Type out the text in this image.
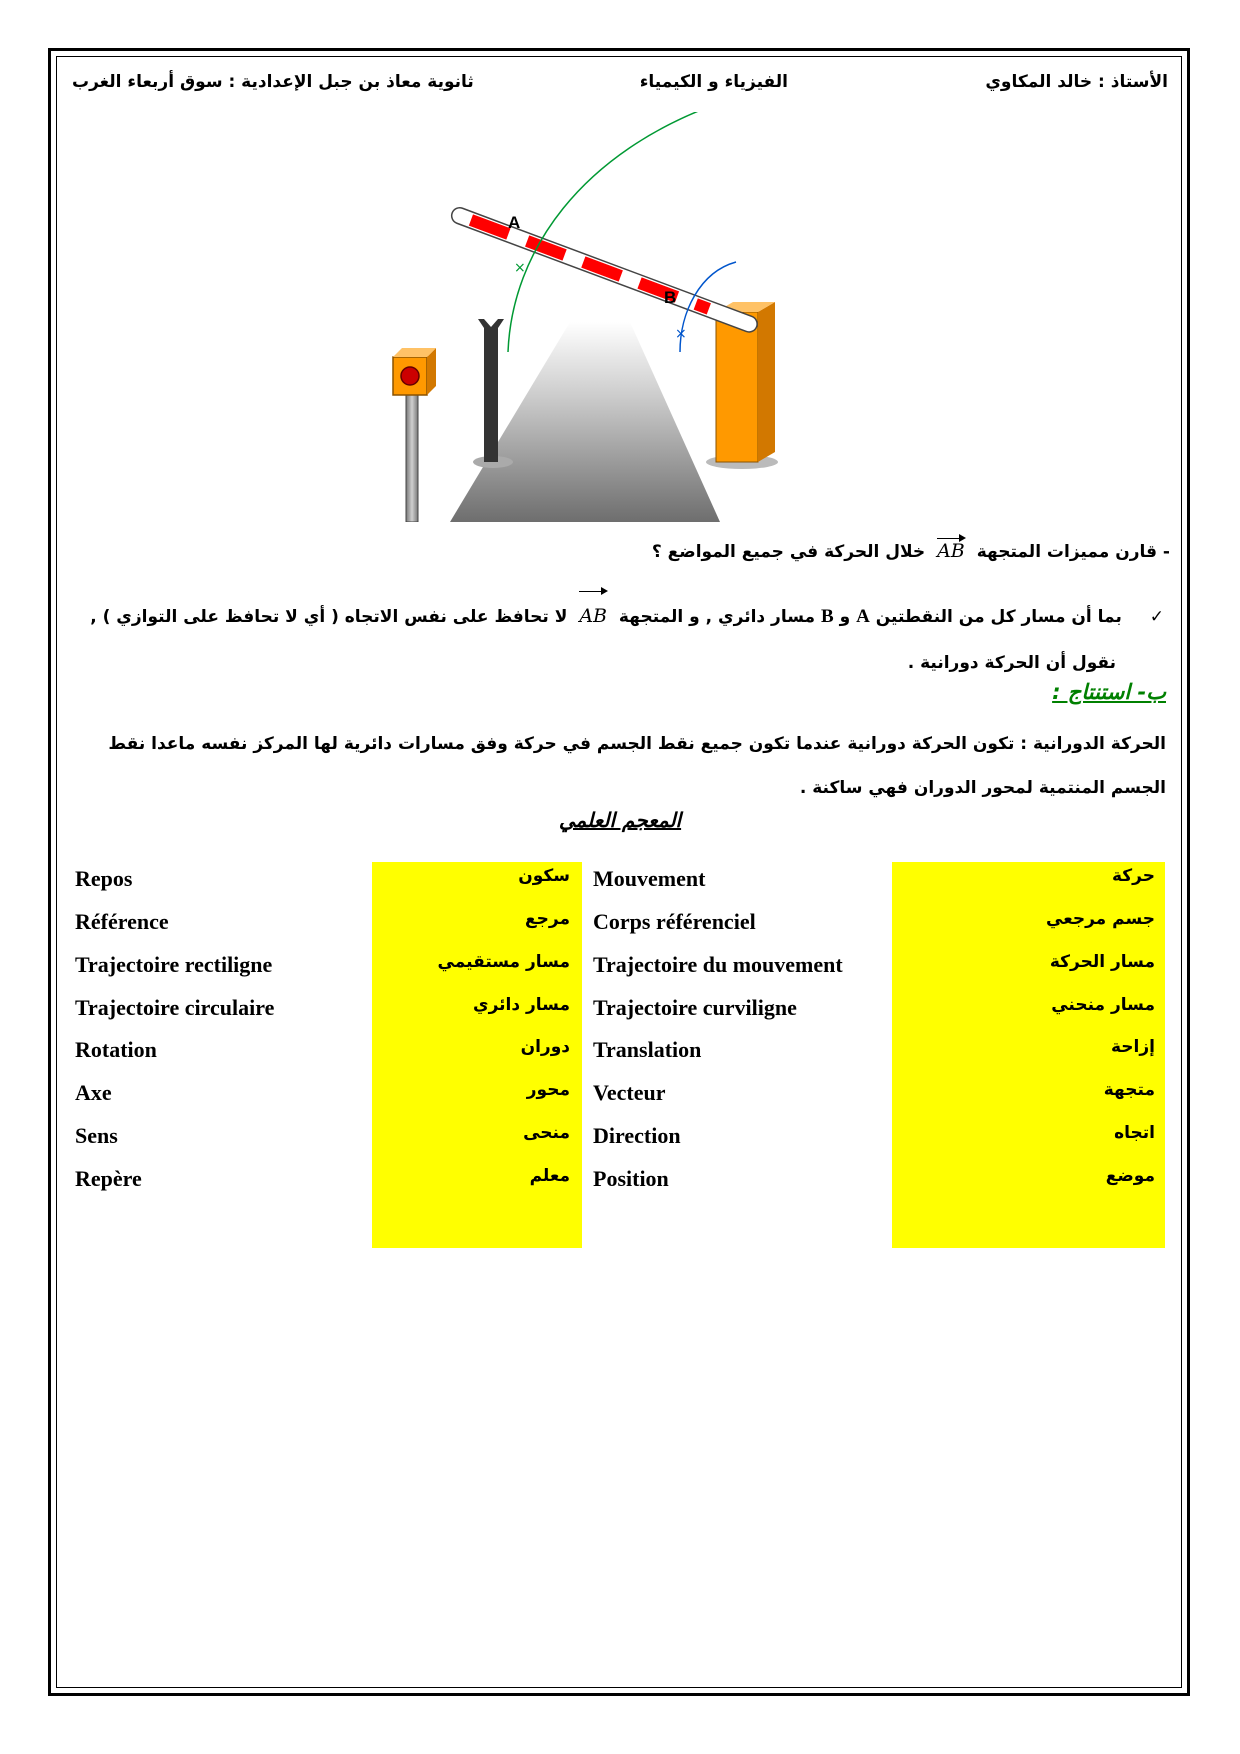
الأستاذ : خالد المكاوي
الفيزياء و الكيمياء
ثانوية معاذ بن جبل الإعدادية : سوق أربعاء الغرب
A
B
×
×
- قارن مميزات المتجهة AB خلال الحركة في جميع المواضع ؟
✓ بما أن مسار كل من النقطتين A و B مسار دائري , و المتجهة AB لا تحافظ على نفس الاتجاه ( أي لا تحافظ على التوازي ) ,
نقول أن الحركة دورانية .
ب- استنتاج :
الحركة الدورانية : تكون الحركة دورانية عندما تكون جميع نقط الجسم في حركة وفق مسارات دائرية لها المركز نفسه ماعدا نقط الجسم المنتمية لمحور الدوران فهي ساكنة .
المعجم العلمي
Repos	سكون Mouvement	حركة
Référence	مرجع Corps référenciel	جسم مرجعي
Trajectoire rectiligne	مسار مستقيمي Trajectoire du mouvement	مسار الحركة
Trajectoire circulaire	مسار دائري Trajectoire curviligne	مسار منحني
Rotation	دوران Translation	إزاحة
Axe	محور Vecteur	متجهة
Sens	منحى Direction	اتجاه
Repère	معلم Position	موضع
